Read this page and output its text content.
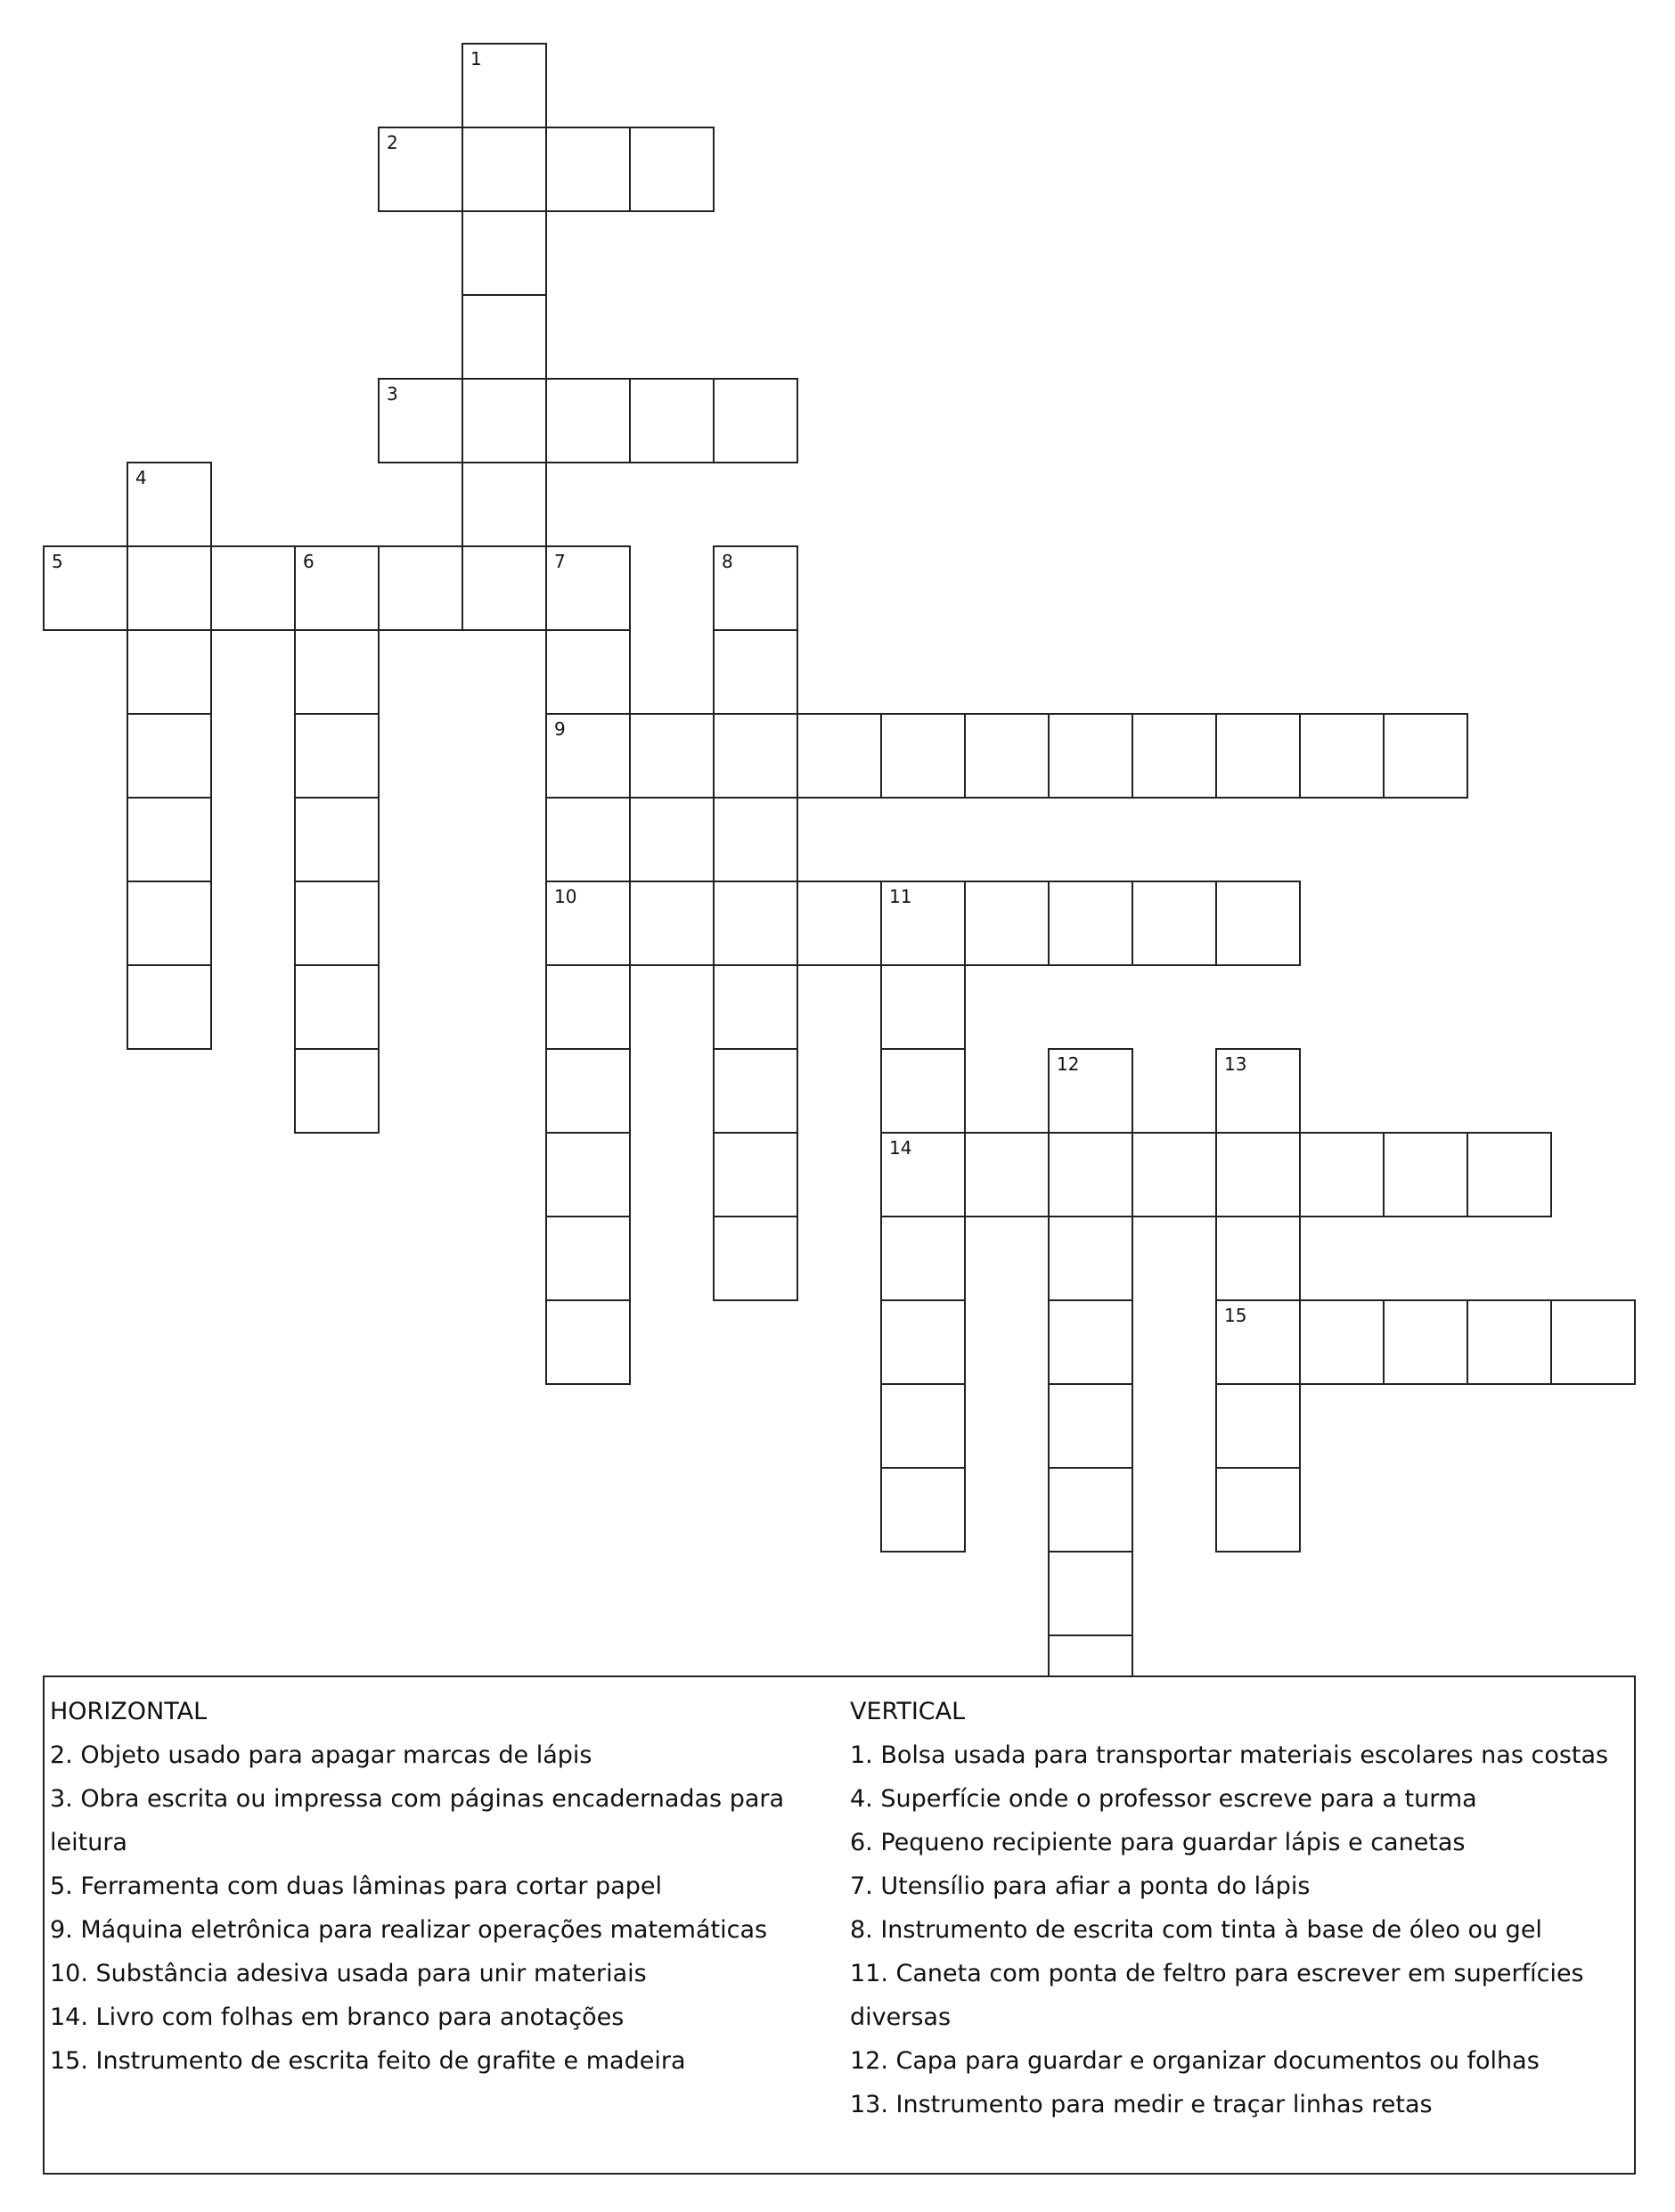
2
3
5	6	7
9
10	11
14
15
1
4
8
12	13

HORIZONTAL

2. Objeto usado para apagar marcas de lápis

3. Obra escrita ou impressa com páginas encadernadas para leitura

5. Ferramenta com duas lâminas para cortar papel

9. Máquina eletrônica para realizar operações matemáticas

10. Substância adesiva usada para unir materiais

14. Livro com folhas em branco para anotações

15. Instrumento de escrita feito de grafite e madeira

VERTICAL

1. Bolsa usada para transportar materiais escolares nas costas

4. Superfície onde o professor escreve para a turma

6. Pequeno recipiente para guardar lápis e canetas

7. Utensílio para afiar a ponta do lápis

8. Instrumento de escrita com tinta à base de óleo ou gel

11. Caneta com ponta de feltro para escrever em superfícies diversas

12. Capa para guardar e organizar documentos ou folhas

13. Instrumento para medir e traçar linhas retas
